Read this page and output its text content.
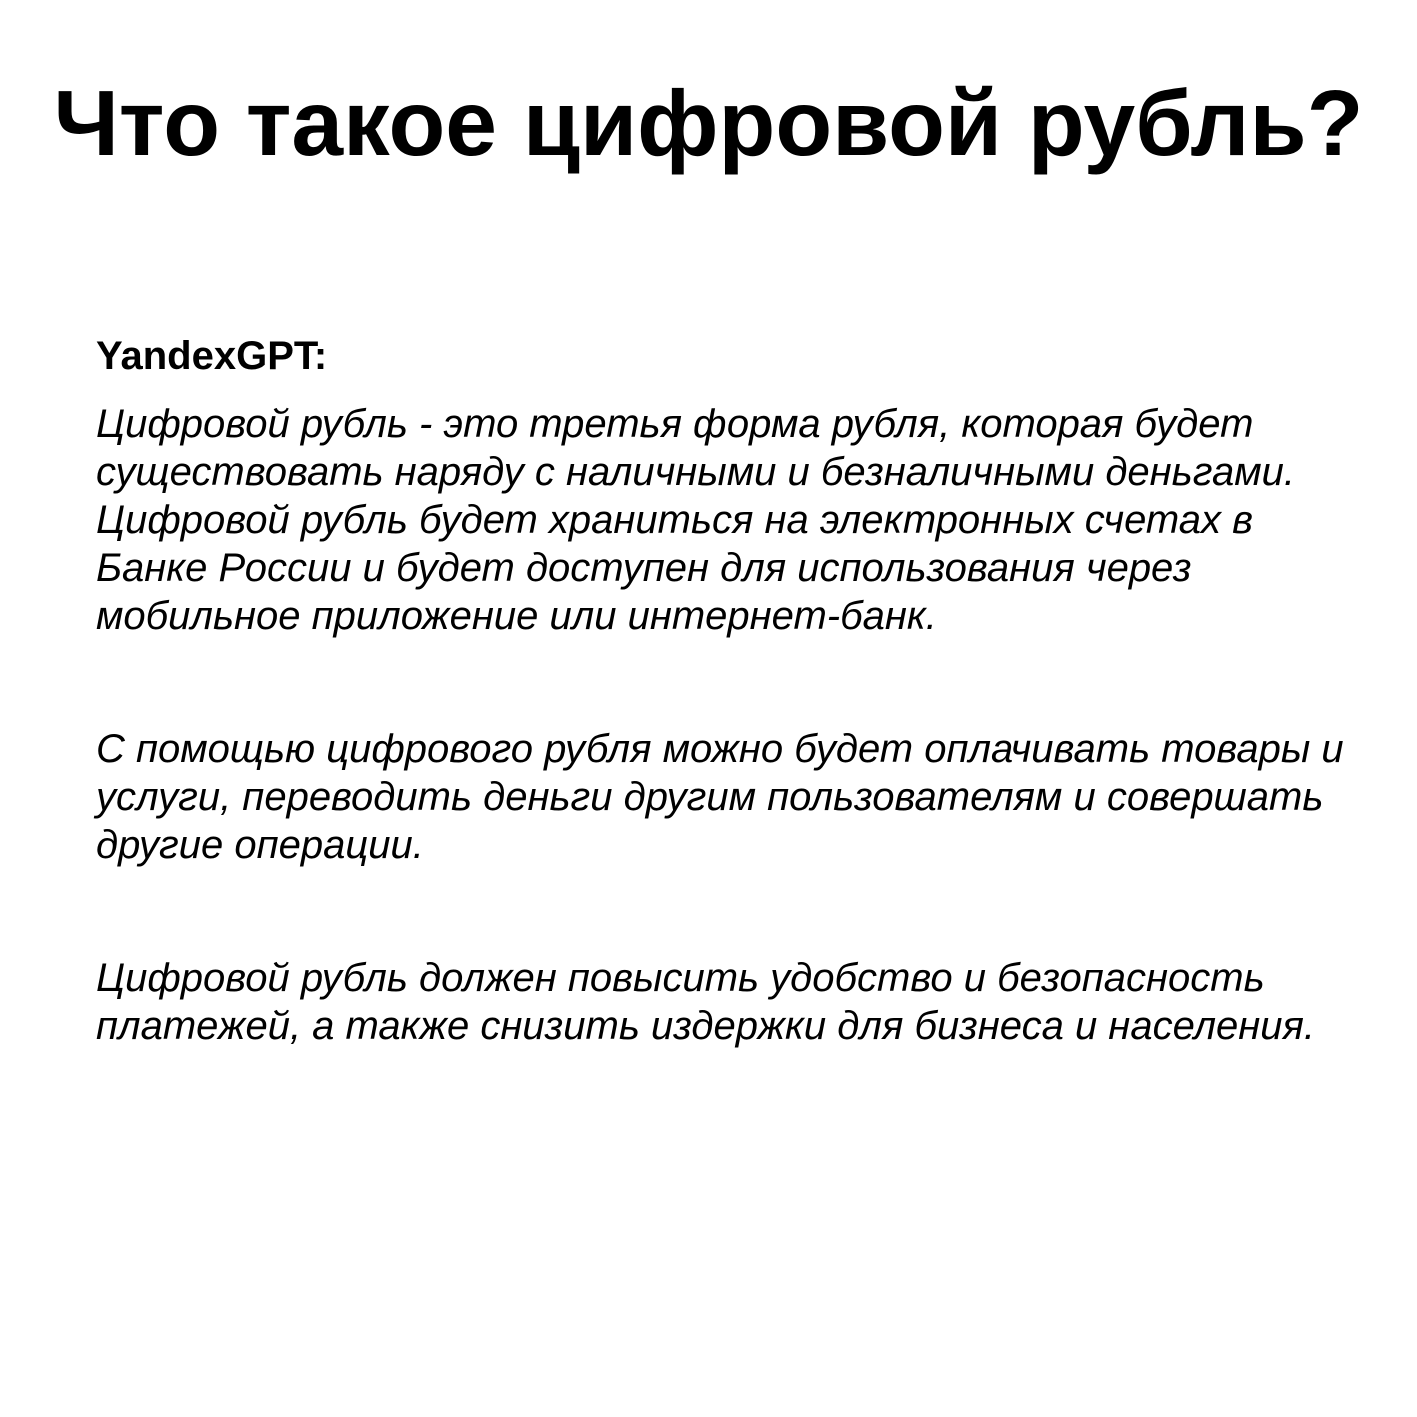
Что такое цифровой рубль?

YandexGPT:

Цифровой рубль - это третья форма рубля, которая будет существовать наряду с наличными и безналичными деньгами. Цифровой рубль будет храниться на электронных счетах в Банке России и будет доступен для использования через мобильное приложение или интернет-банк.

С помощью цифрового рубля можно будет оплачивать товары и услуги, переводить деньги другим пользователям и совершать другие операции.

Цифровой рубль должен повысить удобство и безопасность платежей, а также снизить издержки для бизнеса и населения.
